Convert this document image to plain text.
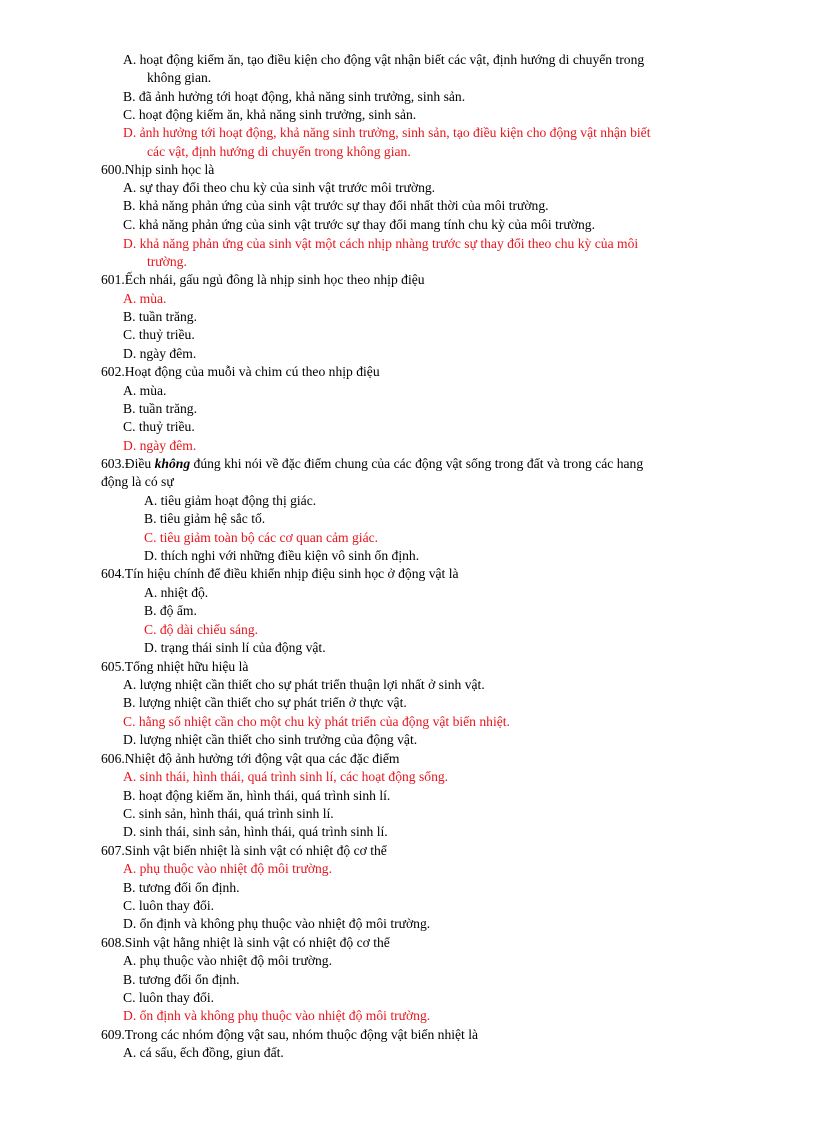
A. hoạt động kiếm ăn, tạo điều kiện cho động vật nhận biết các vật, định hướng di chuyển trong
không gian.
B. đã ảnh hưởng tới hoạt động, khả năng sinh trưởng, sinh sản.
C. hoạt động kiếm ăn, khả năng sinh trưởng, sinh sản.
D. ảnh hưởng tới hoạt động, khả năng sinh trưởng, sinh sản, tạo điều kiện cho động vật nhận biết
các vật, định hướng di chuyển trong không gian.
600.Nhịp sinh học là
A. sự thay đổi theo chu kỳ của sinh vật trước môi trường.
B. khả năng phản ứng của sinh vật trước sự thay đổi nhất thời của môi trường.
C. khả năng phản ứng của sinh vật trước sự thay đổi mang tính chu kỳ của môi trường.
D. khả năng phản ứng của sinh vật một cách nhịp nhàng trước sự thay đổi theo chu kỳ của môi
trường.
601.Ếch nhái, gấu ngủ đông là nhịp sinh học theo nhịp điệu
A. mùa.
B. tuần trăng.
C. thuỷ triều.
D. ngày đêm.
602.Hoạt động của muỗi và chim cú theo nhịp điệu
A. mùa.
B. tuần trăng.
C. thuỷ triều.
D. ngày đêm.
603.Điều không đúng khi nói về đặc điểm chung của các động vật sống trong đất và trong các hang
động là có sự
A. tiêu giảm hoạt động thị giác.
B. tiêu giảm hệ sắc tố.
C. tiêu giảm toàn bộ các cơ quan cảm giác.
D. thích nghi với những điều kiện vô sinh ổn định.
604.Tín hiệu chính để điều khiển nhịp điệu sinh học ở động vật là
A. nhiệt độ.
B. độ ẩm.
C. độ dài chiếu sáng.
D. trạng thái sinh lí của động vật.
605.Tổng nhiệt hữu hiệu là
A. lượng nhiệt cần thiết cho sự phát triển thuận lợi nhất ở sinh vật.
B. lượng nhiệt cần thiết cho sự phát triển ở thực vật.
C. hằng số nhiệt cần cho một chu kỳ phát triển của động vật biến nhiệt.
D. lượng nhiệt cần thiết cho sinh trưởng của động vật.
606.Nhiệt độ ảnh hưởng tới động vật qua các đặc điểm
A. sinh thái, hình thái, quá trình sinh lí, các hoạt động sống.
B. hoạt động kiếm ăn, hình thái, quá trình sinh lí.
C. sinh sản, hình thái, quá trình sinh lí.
D. sinh thái, sinh sản, hình thái, quá trình sinh lí.
607.Sinh vật biến nhiệt là sinh vật có nhiệt độ cơ thể
A. phụ thuộc vào nhiệt độ môi trường.
B. tương đối ổn định.
C. luôn thay đổi.
D. ổn định và không phụ thuộc vào nhiệt độ môi trường.
608.Sinh vật hằng nhiệt là sinh vật có nhiệt độ cơ thể
A. phụ thuộc vào nhiệt độ môi trường.
B. tương đối ổn định.
C. luôn thay đổi.
D. ổn định và không phụ thuộc vào nhiệt độ môi trường.
609.Trong các nhóm động vật sau, nhóm thuộc động vật biến nhiệt là
A. cá sấu, ếch đồng, giun đất.
